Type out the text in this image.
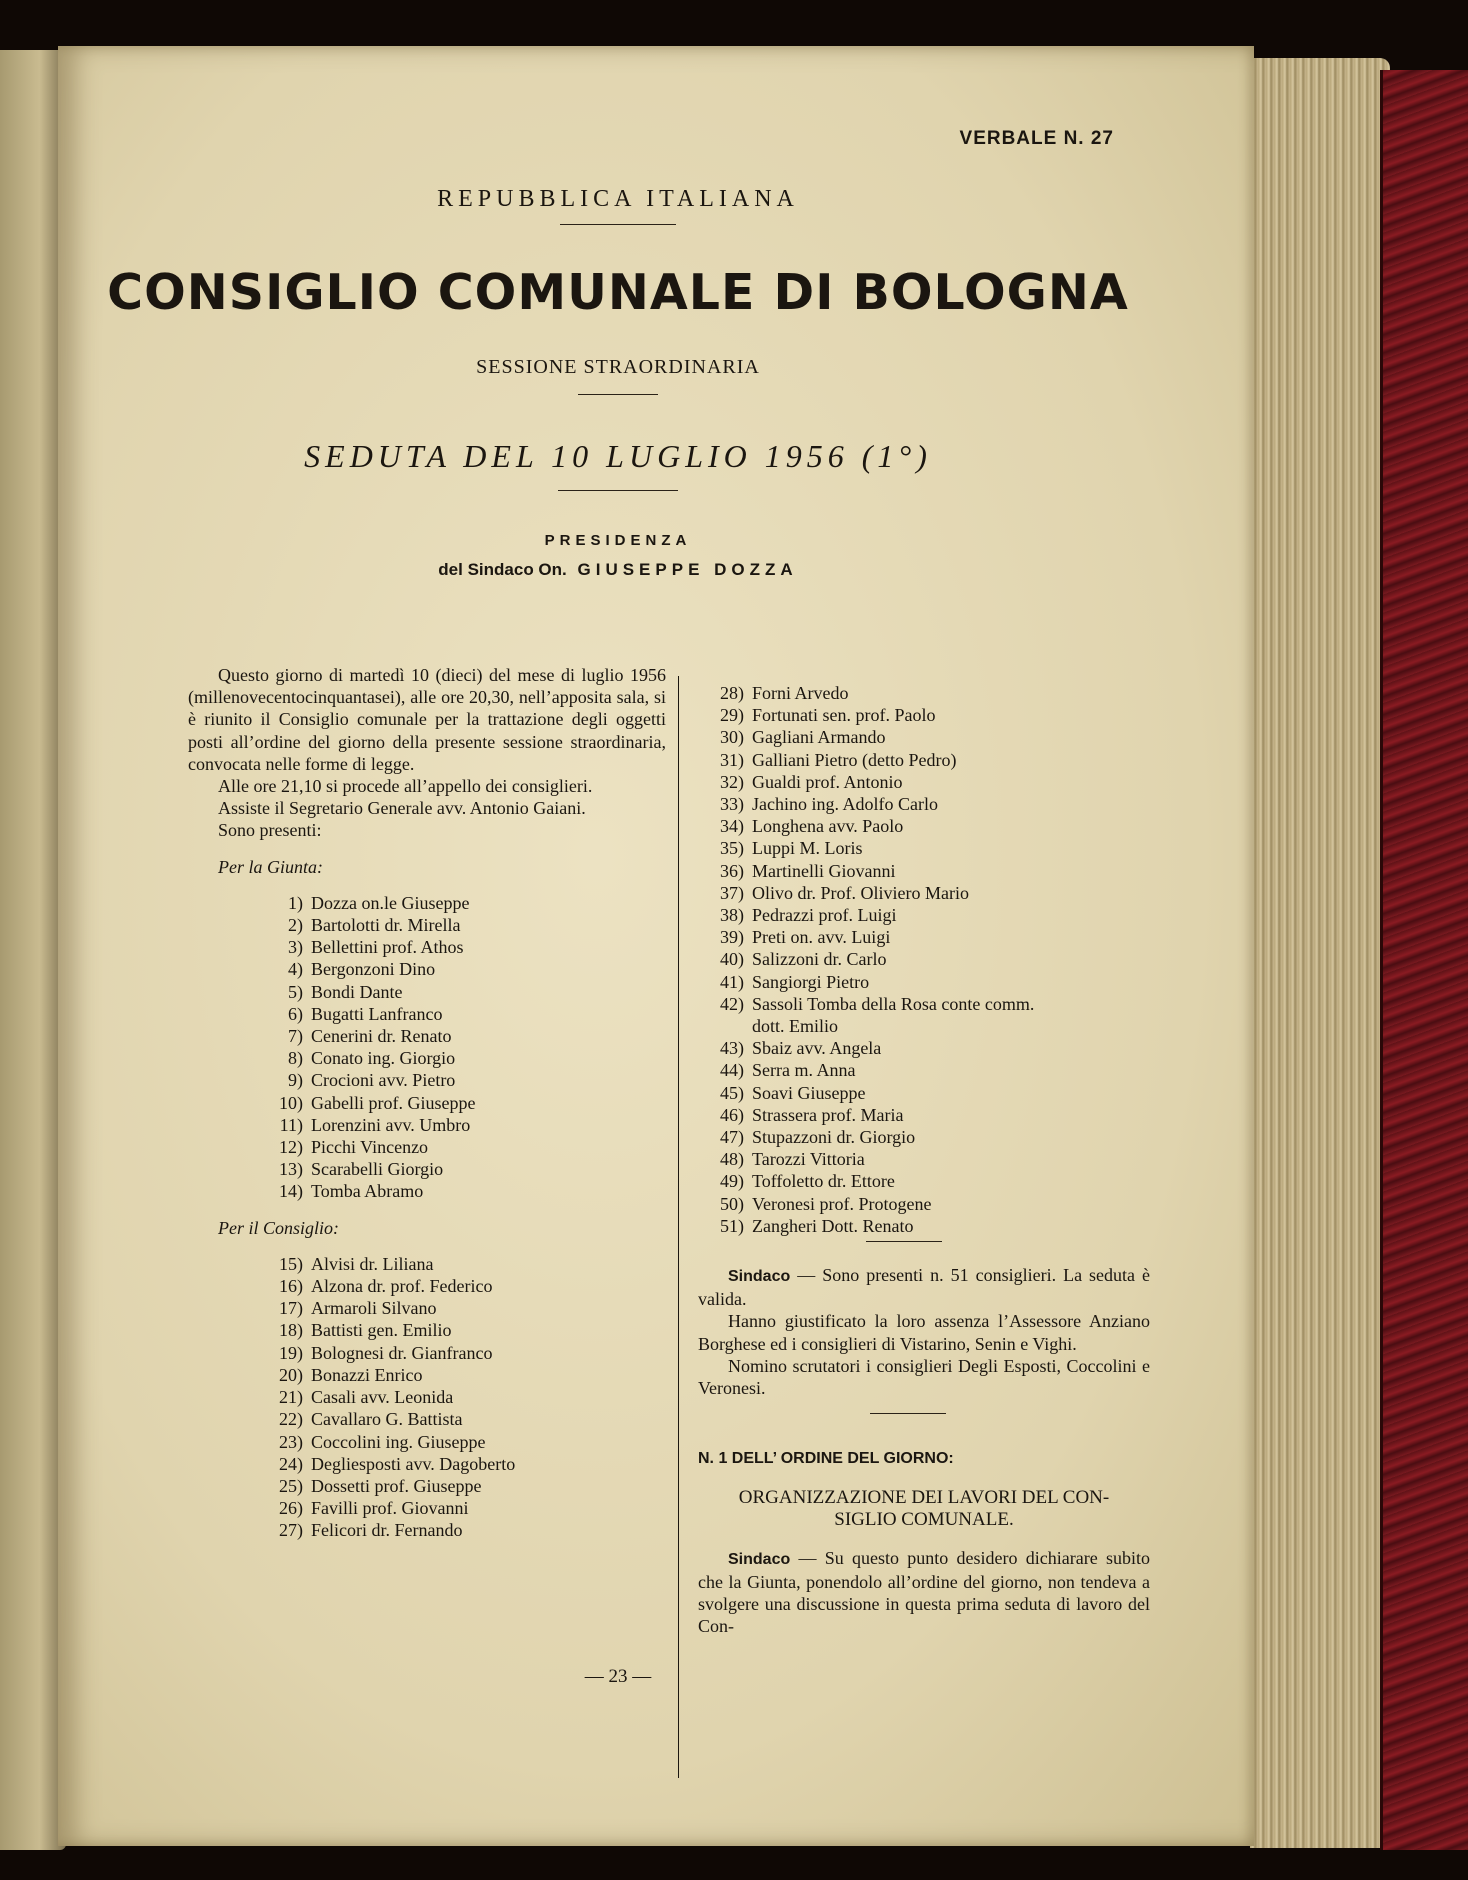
VERBALE N. 27
REPUBBLICA ITALIANA
CONSIGLIO COMUNALE DI BOLOGNA
SESSIONE STRAORDINARIA
SEDUTA DEL 10 LUGLIO 1956 (1°)
PRESIDENZA
del Sindaco On. GIUSEPPE DOZZA

Questo giorno di martedì 10 (dieci) del mese di luglio 1956 (millenovecentocinquantasei), alle ore 20,30, nell’apposita sala, si è riunito il Consiglio comunale per la trattazione degli oggetti posti all’ordine del giorno della presente sessione straordinaria, convocata nelle forme di legge.

Alle ore 21,10 si procede all’appello dei consiglieri.

Assiste il Segretario Generale avv. Antonio Gaiani.

Sono presenti:

Per la Giunta:

1) Dozza on.le Giuseppe
2) Bartolotti dr. Mirella
3) Bellettini prof. Athos
4) Bergonzoni Dino
5) Bondi Dante
6) Bugatti Lanfranco
7) Cenerini dr. Renato
8) Conato ing. Giorgio
9) Crocioni avv. Pietro
10) Gabelli prof. Giuseppe
11) Lorenzini avv. Umbro
12) Picchi Vincenzo
13) Scarabelli Giorgio
14) Tomba Abramo

Per il Consiglio:

15) Alvisi dr. Liliana
16) Alzona dr. prof. Federico
17) Armaroli Silvano
18) Battisti gen. Emilio
19) Bolognesi dr. Gianfranco
20) Bonazzi Enrico
21) Casali avv. Leonida
22) Cavallaro G. Battista
23) Coccolini ing. Giuseppe
24) Degliesposti avv. Dagoberto
25) Dossetti prof. Giuseppe
26) Favilli prof. Giovanni
27) Felicori dr. Fernando
28) Forni Arvedo
29) Fortunati sen. prof. Paolo
30) Gagliani Armando
31) Galliani Pietro (detto Pedro)
32) Gualdi prof. Antonio
33) Jachino ing. Adolfo Carlo
34) Longhena avv. Paolo
35) Luppi M. Loris
36) Martinelli Giovanni
37) Olivo dr. Prof. Oliviero Mario
38) Pedrazzi prof. Luigi
39) Preti on. avv. Luigi
40) Salizzoni dr. Carlo
41) Sangiorgi Pietro
42) Sassoli Tomba della Rosa conte comm.
dott. Emilio
43) Sbaiz avv. Angela
44) Serra m. Anna
45) Soavi Giuseppe
46) Strassera prof. Maria
47) Stupazzoni dr. Giorgio
48) Tarozzi Vittoria
49) Toffoletto dr. Ettore
50) Veronesi prof. Protogene
51) Zangheri Dott. Renato

Sindaco — Sono presenti n. 51 consiglieri. La seduta è valida.

Hanno giustificato la loro assenza l’Assessore Anziano Borghese ed i consiglieri di Vistarino, Senin e Vighi.

Nomino scrutatori i consiglieri Degli Esposti, Coccolini e Veronesi.

N. 1 DELL’ ORDINE DEL GIORNO:

ORGANIZZAZIONE DEI LAVORI DEL CON-
SIGLIO COMUNALE.

Sindaco — Su questo punto desidero dichiarare subito che la Giunta, ponendolo all’ordine del giorno, non tendeva a svolgere una discussione in questa prima seduta di lavoro del Con-

— 23 —
